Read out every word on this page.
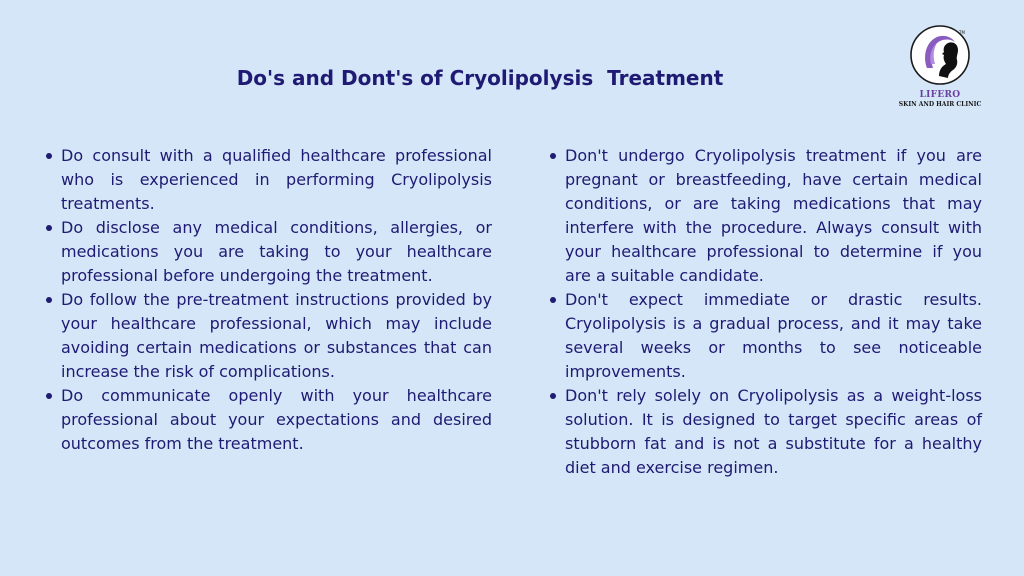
Do's and Dont's of Cryolipolysis  Treatment
TM
LIFERO
SKIN AND HAIR CLINIC
Do consult with a qualified healthcare professional who is experienced in performing Cryolipolysis treatments.
Do disclose any medical conditions, allergies, or medications you are taking to your healthcare professional before undergoing the treatment.
Do follow the pre-treatment instructions provided by your healthcare professional, which may include avoiding certain medications or substances that can increase the risk of complications.
Do communicate openly with your healthcare professional about your expectations and desired outcomes from the treatment.
Don't undergo Cryolipolysis treatment if you are pregnant or breastfeeding, have certain medical conditions, or are taking medications that may interfere with the procedure. Always consult with your healthcare professional to determine if you are a suitable candidate.
Don't expect immediate or drastic results. Cryolipolysis is a gradual process, and it may take several weeks or months to see noticeable improvements.
Don't rely solely on Cryolipolysis as a weight-loss solution. It is designed to target specific areas of stubborn fat and is not a substitute for a healthy diet and exercise regimen.
